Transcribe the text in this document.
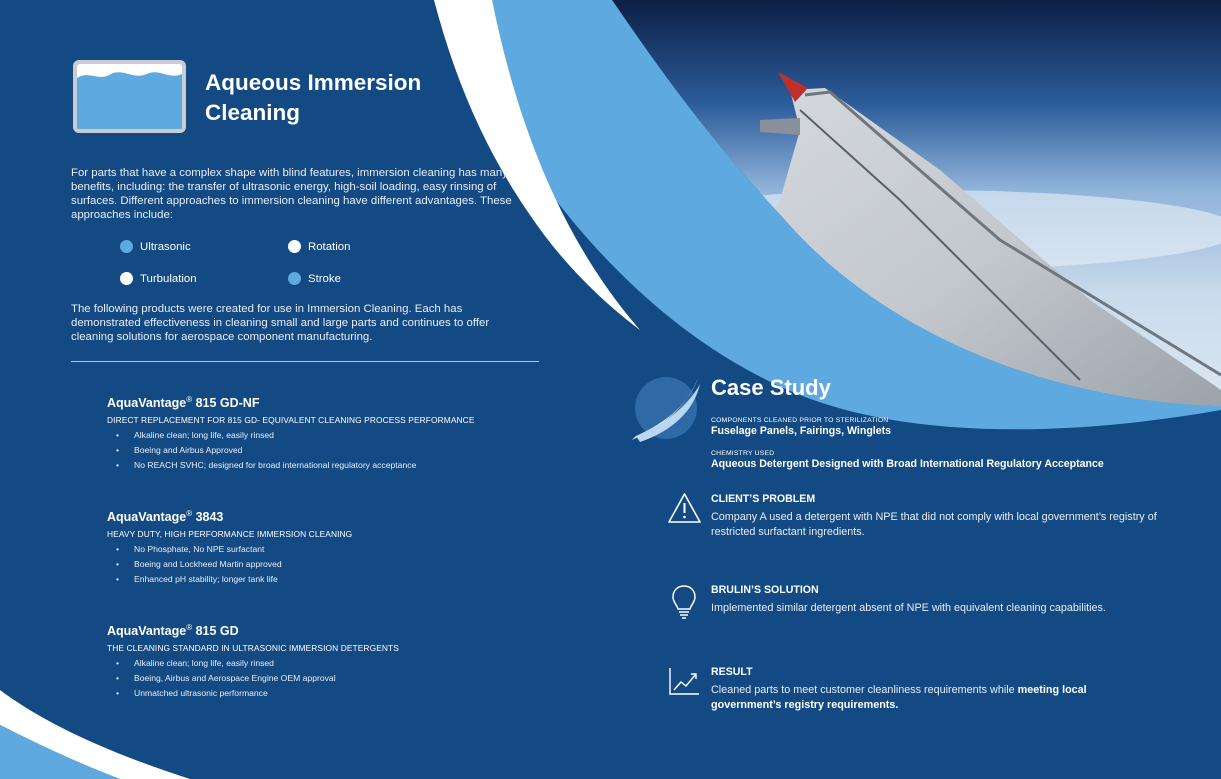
Aqueous Immersion
Cleaning

For parts that have a complex shape with blind features, immersion cleaning has many benefits, including: the transfer of ultrasonic energy, high-soil loading, easy rinsing of surfaces. Different approaches to immersion cleaning have different advantages. These approaches include:

Ultrasonic	Rotation
Turbulation	Stroke

The following products were created for use in Immersion Cleaning. Each has demonstrated effectiveness in cleaning small and large parts and continues to offer cleaning solutions for aerospace component manufacturing.

AquaVantage® 815 GD-NF

DIRECT REPLACEMENT FOR 815 GD- EQUIVALENT CLEANING PROCESS PERFORMANCE

• Alkaline clean; long life, easily rinsed
• Boeing and Airbus Approved
• No REACH SVHC; designed for broad international regulatory acceptance

AquaVantage® 3843

HEAVY DUTY, HIGH PERFORMANCE IMMERSION CLEANING

• No Phosphate, No NPE surfactant
• Boeing and Lockheed Martin approved
• Enhanced pH stability; longer tank life

AquaVantage® 815 GD

THE CLEANING STANDARD IN ULTRASONIC IMMERSION DETERGENTS

• Alkaline clean; long life, easily rinsed
• Boeing, Airbus and Aerospace Engine OEM approval
• Unmatched ultrasonic performance
Case Study

COMPONENTS CLEANED PRIOR TO STERILIZATION

Fuselage Panels, Fairings, Winglets

CHEMISTRY USED

Aqueous Detergent Designed with Broad International Regulatory Acceptance

CLIENT’S PROBLEM

Company A used a detergent with NPE that did not comply with local government’s registry of restricted surfactant ingredients.

BRULIN’S SOLUTION

Implemented similar detergent absent of NPE with equivalent cleaning capabilities.

RESULT

Cleaned parts to meet customer cleanliness requirements while meeting local government’s registry requirements.
